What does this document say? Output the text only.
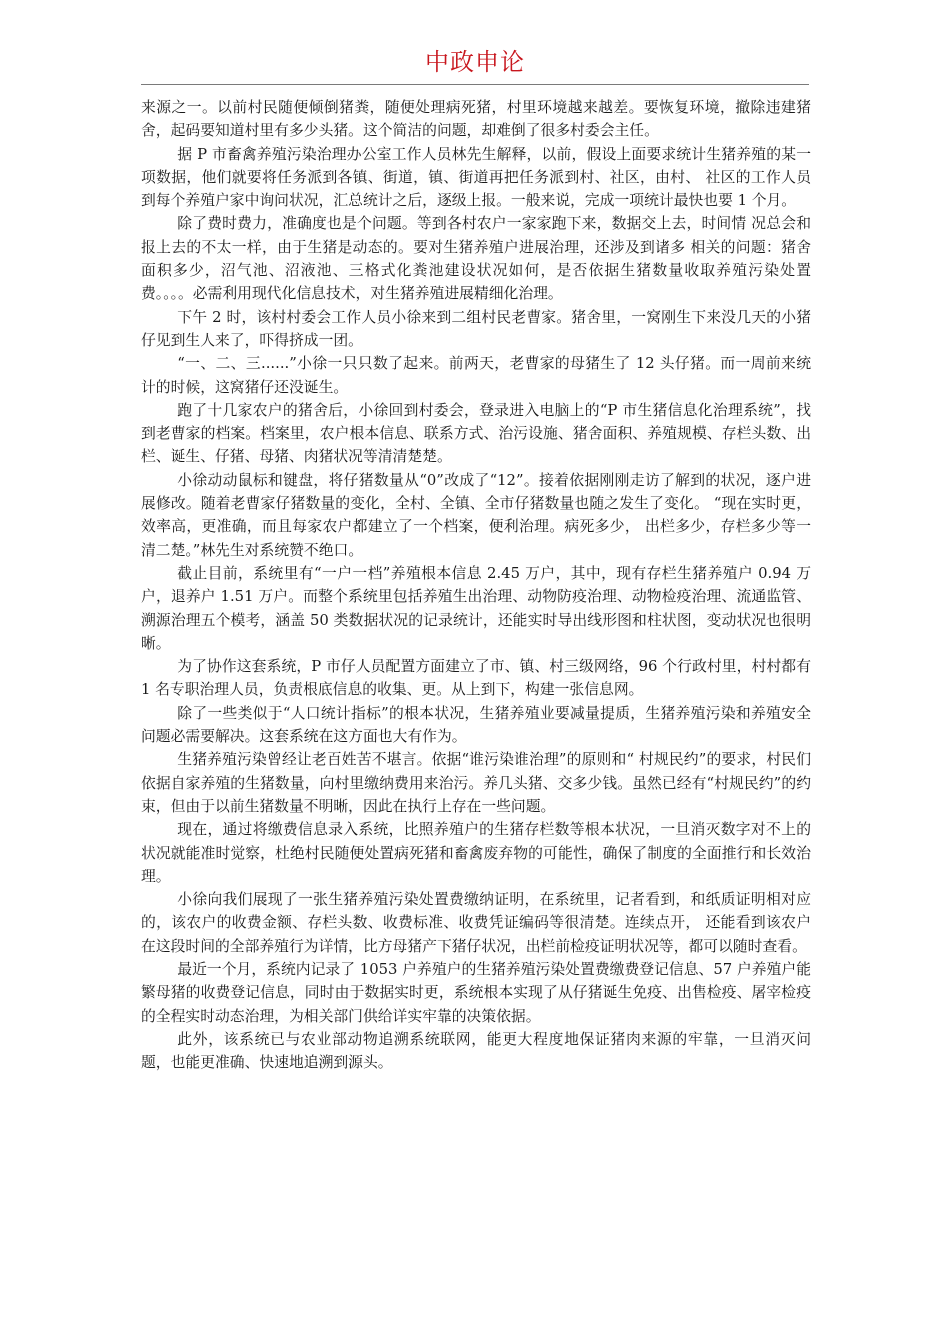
中政申论

来源之一。以前村民随便倾倒猪粪，随便处理病死猪，村里环境越来越差。要恢复环境，撤除违建猪舍，起码要知道村里有多少头猪。这个简洁的问题，却难倒了很多村委会主任。

据 P 市畜禽养殖污染治理办公室工作人员林先生解释，以前，假设上面要求统计生猪养殖的某一项数据，他们就要将任务派到各镇、街道，镇、街道再把任务派到村、社区，由村、 社区的工作人员到每个养殖户家中询问状况，汇总统计之后，逐级上报。一般来说，完成一项统计最快也要 1 个月。

除了费时费力，准确度也是个问题。等到各村农户一家家跑下来，数据交上去，时间情 况总会和报上去的不太一样，由于生猪是动态的。要对生猪养殖户进展治理，还涉及到诸多 相关的问题：猪舍面积多少，沼气池、沼液池、三格式化粪池建设状况如何，是否依据生猪数量收取养殖污染处置费。。。。必需利用现代化信息技术，对生猪养殖进展精细化治理。

下午 2 时，该村村委会工作人员小徐来到二组村民老曹家。猪舍里，一窝刚生下来没几天的小猪仔见到生人来了，吓得挤成一团。

“一、二、三......”小徐一只只数了起来。前两天，老曹家的母猪生了 12 头仔猪。而一周前来统计的时候，这窝猪仔还没诞生。

跑了十几家农户的猪舍后，小徐回到村委会，登录进入电脑上的“P 市生猪信息化治理系统”，找到老曹家的档案。档案里，农户根本信息、联系方式、治污设施、猪舍面积、养殖规模、存栏头数、出栏、诞生、仔猪、母猪、肉猪状况等清清楚楚。

小徐动动鼠标和键盘，将仔猪数量从“0”改成了“12”。接着依据刚刚走访了解到的状况，逐户进展修改。随着老曹家仔猪数量的变化，全村、全镇、全市仔猪数量也随之发生了变化。 “现在实时更，效率高，更准确，而且每家农户都建立了一个档案，便利治理。病死多少， 出栏多少，存栏多少等一清二楚。”林先生对系统赞不绝口。

截止目前，系统里有“一户一档”养殖根本信息 2.45 万户，其中，现有存栏生猪养殖户 0.94 万户，退养户 1.51 万户。而整个系统里包括养殖生出治理、动物防疫治理、动物检疫治理、流通监管、溯源治理五个模考，涵盖 50 类数据状况的记录统计，还能实时导出线形图和柱状图，变动状况也很明晰。

为了协作这套系统，P 市仔人员配置方面建立了市、镇、村三级网络，96 个行政村里，村村都有 1 名专职治理人员，负责根底信息的收集、更。从上到下，构建一张信息网。

除了一些类似于“人口统计指标”的根本状况，生猪养殖业要减量提质，生猪养殖污染和养殖安全问题必需要解决。这套系统在这方面也大有作为。

生猪养殖污染曾经让老百姓苦不堪言。依据“谁污染谁治理”的原则和“ 村规民约”的要求，村民们依据自家养殖的生猪数量，向村里缴纳费用来治污。养几头猪、交多少钱。虽然已经有“村规民约”的约束，但由于以前生猪数量不明晰，因此在执行上存在一些问题。

现在，通过将缴费信息录入系统，比照养殖户的生猪存栏数等根本状况，一旦消灭数字对不上的状况就能准时觉察，杜绝村民随便处置病死猪和畜禽废弃物的可能性，确保了制度的全面推行和长效治理。

小徐向我们展现了一张生猪养殖污染处置费缴纳证明，在系统里，记者看到，和纸质证明相对应的，该农户的收费金额、存栏头数、收费标准、收费凭证编码等很清楚。连续点开， 还能看到该农户在这段时间的全部养殖行为详情，比方母猪产下猪仔状况，出栏前检疫证明状况等，都可以随时查看。

最近一个月，系统内记录了 1053 户养殖户的生猪养殖污染处置费缴费登记信息、57 户养殖户能繁母猪的收费登记信息，同时由于数据实时更，系统根本实现了从仔猪诞生免疫、出售检疫、屠宰检疫的全程实时动态治理，为相关部门供给详实牢靠的决策依据。

此外，该系统已与农业部动物追溯系统联网，能更大程度地保证猪肉来源的牢靠，一旦消灭问题，也能更准确、快速地追溯到源头。
